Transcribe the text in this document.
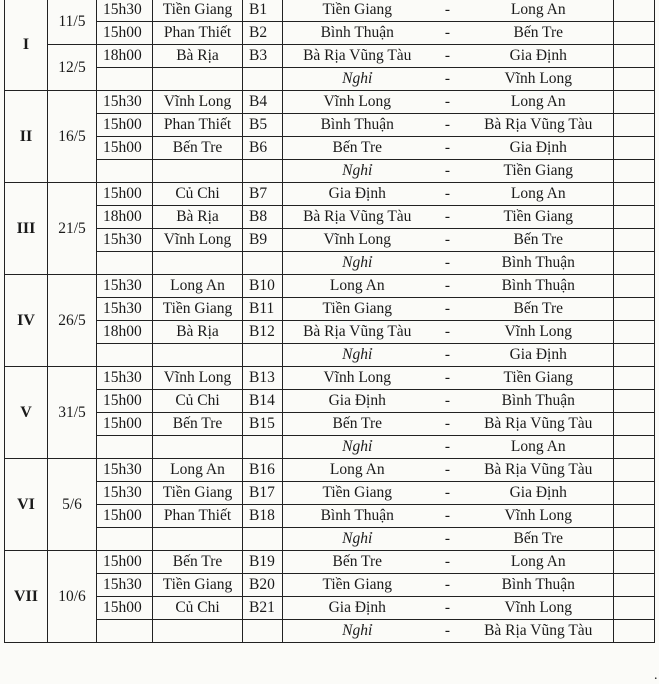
I	11/5	15h30	Tiền Giang	B1	Tiền Giang	-	Long An	
		15h00	Phan Thiết	B2	Bình Thuận	-	Bến Tre	
	12/5	18h00	Bà Rịa	B3	Bà Rịa Vũng Tàu	-	Gia Định	
					Nghỉ	-	Vĩnh Long	
II	16/5	15h30	Vĩnh Long	B4	Vĩnh Long	-	Long An	
		15h00	Phan Thiết	B5	Bình Thuận	-	Bà Rịa Vũng Tàu	
		15h00	Bến Tre	B6	Bến Tre	-	Gia Định	
					Nghỉ	-	Tiền Giang	
III	21/5	15h00	Củ Chi	B7	Gia Định	-	Long An	
		18h00	Bà Rịa	B8	Bà Rịa Vũng Tàu	-	Tiền Giang	
		15h30	Vĩnh Long	B9	Vĩnh Long	-	Bến Tre	
					Nghỉ	-	Bình Thuận	
IV	26/5	15h30	Long An	B10	Long An	-	Bình Thuận	
		15h30	Tiền Giang	B11	Tiền Giang	-	Bến Tre	
		18h00	Bà Rịa	B12	Bà Rịa Vũng Tàu	-	Vĩnh Long	
					Nghỉ	-	Gia Định	
V	31/5	15h30	Vĩnh Long	B13	Vĩnh Long	-	Tiền Giang	
		15h00	Củ Chi	B14	Gia Định	-	Bình Thuận	
		15h00	Bến Tre	B15	Bến Tre	-	Bà Rịa Vũng Tàu	
					Nghỉ	-	Long An	
VI	5/6	15h30	Long An	B16	Long An	-	Bà Rịa Vũng Tàu	
		15h30	Tiền Giang	B17	Tiền Giang	-	Gia Định	
		15h00	Phan Thiết	B18	Bình Thuận	-	Vĩnh Long	
					Nghỉ	-	Bến Tre	
VII	10/6	15h00	Bến Tre	B19	Bến Tre	-	Long An	
		15h30	Tiền Giang	B20	Tiền Giang	-	Bình Thuận	
		15h00	Củ Chi	B21	Gia Định	-	Vĩnh Long	
					Nghỉ	-	Bà Rịa Vũng Tàu	
.
